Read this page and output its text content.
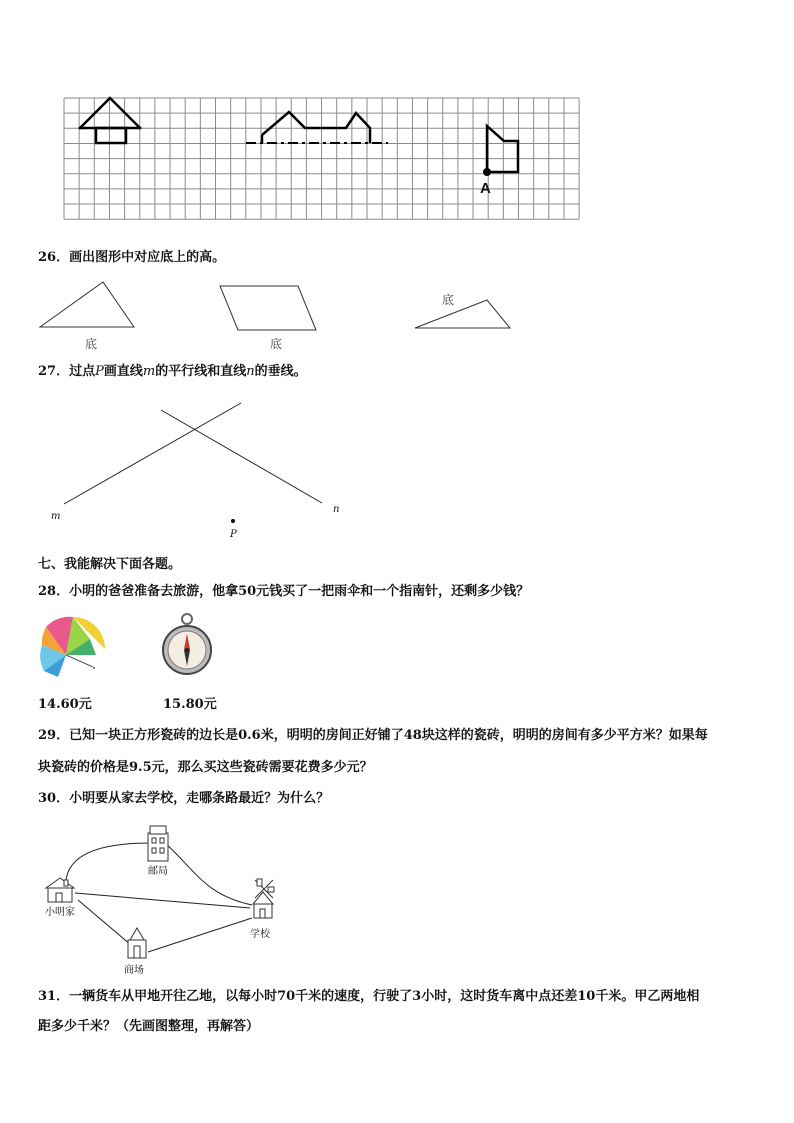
A
26．画出图形中对应底上的高。
底	底
底
27．过点P画直线m的平行线和直线n的垂线。
m
n
P
七、我能解决下面各题。
28．小明的爸爸准备去旅游，他拿50元钱买了一把雨伞和一个指南针，还剩多少钱？
14.60元	15.80元
29．已知一块正方形瓷砖的边长是0.6米，明明的房间正好铺了48块这样的瓷砖，明明的房间有多少平方米？如果每
块瓷砖的价格是9.5元，那么买这些瓷砖需要花费多少元？
30．小明要从家去学校，走哪条路最近？为什么？
邮局
小明家
学校
商场
31．一辆货车从甲地开往乙地，以每小时70千米的速度，行驶了3小时，这时货车离中点还差10千米。甲乙两地相
距多少千米？（先画图整理，再解答）
